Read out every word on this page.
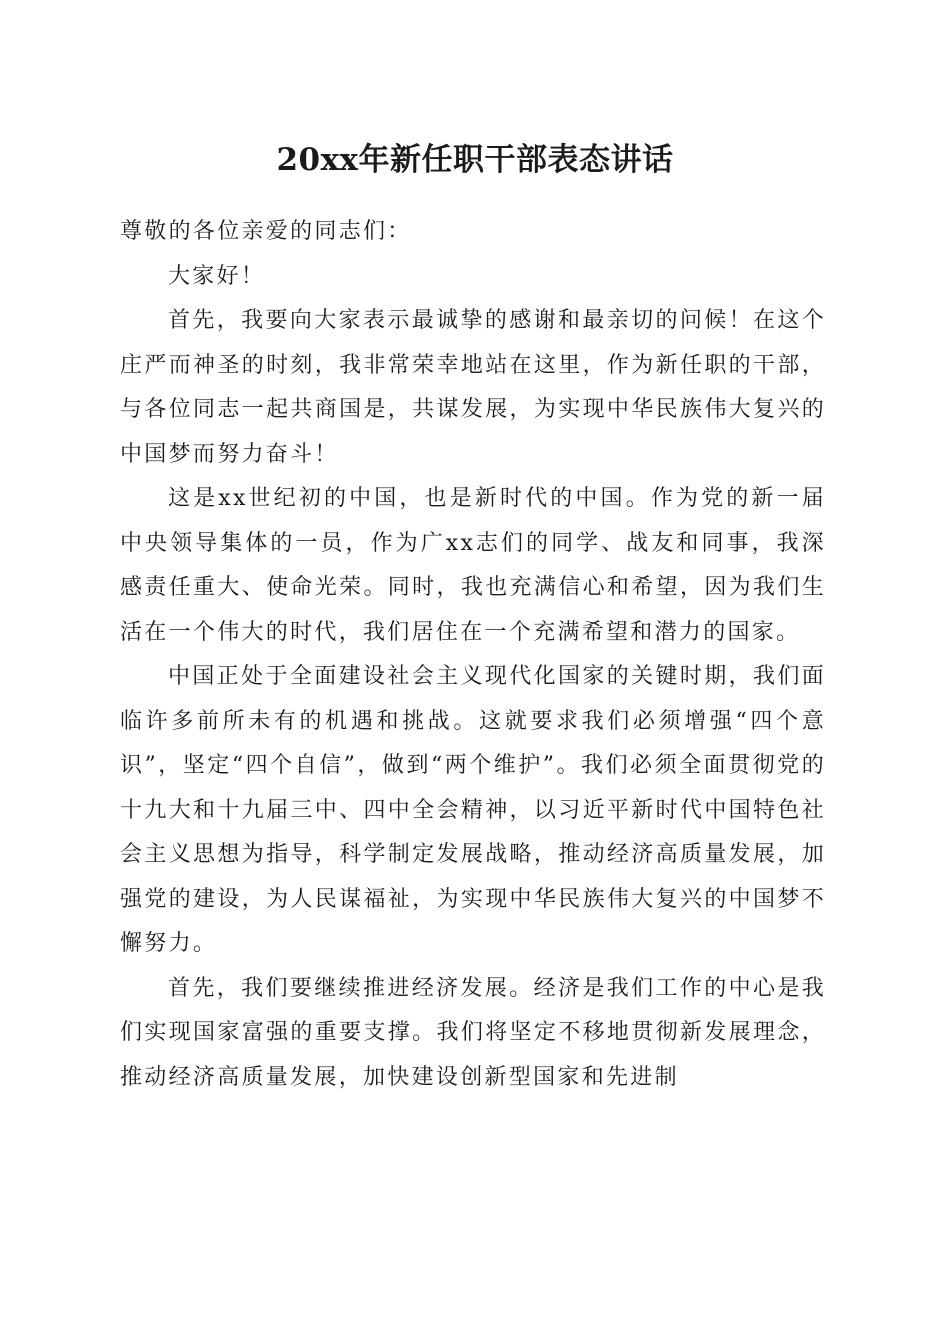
20xx年新任职干部表态讲话

尊敬的各位亲爱的同志们：

大家好！

首先，我要向大家表示最诚挚的感谢和最亲切的问候！在这个庄严而神圣的时刻，我非常荣幸地站在这里，作为新任职的干部，与各位同志一起共商国是，共谋发展，为实现中华民族伟大复兴的中国梦而努力奋斗！

这是xx世纪初的中国，也是新时代的中国。作为党的新一届中央领导集体的一员，作为广xx志们的同学、战友和同事，我深感责任重大、使命光荣。同时，我也充满信心和希望，因为我们生活在一个伟大的时代，我们居住在一个充满希望和潜力的国家。

中国正处于全面建设社会主义现代化国家的关键时期，我们面临许多前所未有的机遇和挑战。这就要求我们必须增强“四个意识”，坚定“四个自信”，做到“两个维护”。我们必须全面贯彻党的十九大和十九届三中、四中全会精神，以习近平新时代中国特色社会主义思想为指导，科学制定发展战略，推动经济高质量发展，加强党的建设，为人民谋福祉，为实现中华民族伟大复兴的中国梦不懈努力。

首先，我们要继续推进经济发展。经济是我们工作的中心是我们实现国家富强的重要支撑。我们将坚定不移地贯彻新发展理念，推动经济高质量发展，加快建设创新型国家和先进制
